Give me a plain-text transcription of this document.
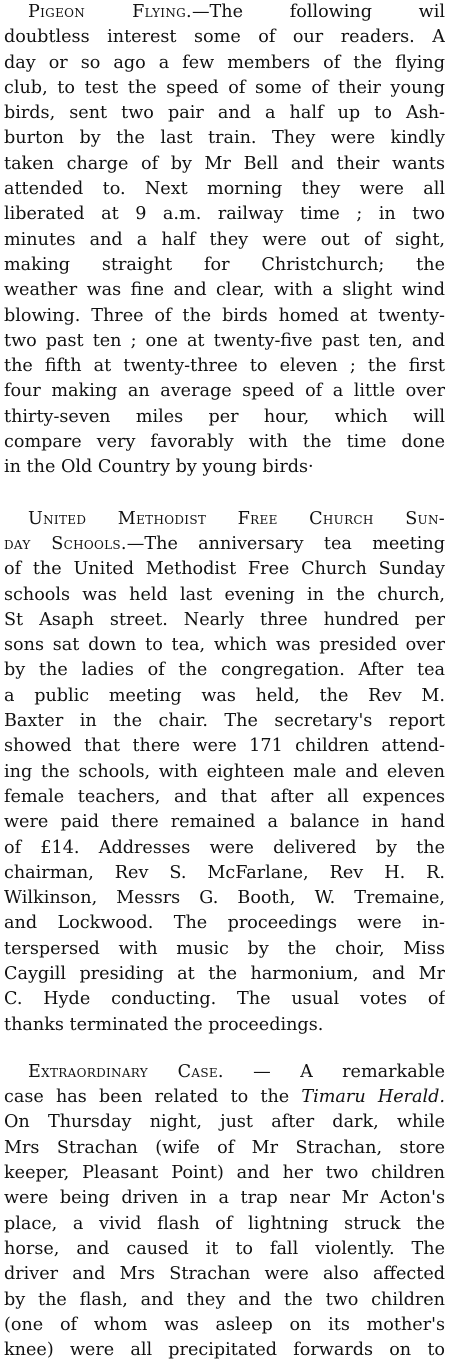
Pigeon Flying.—The following wil
doubtless interest some of our readers. A
day or so ago a few members of the flying
club, to test the speed of some of their young
birds, sent two pair and a half up to Ash-
burton by the last train. They were kindly
taken charge of by Mr Bell and their wants
attended to. Next morning they were all
liberated at 9 a.m. railway time ; in two
minutes and a half they were out of sight,
making straight for Christchurch; the
weather was fine and clear, with a slight wind
blowing. Three of the birds homed at twenty-
two past ten ; one at twenty-five past ten, and
the fifth at twenty-three to eleven ; the first
four making an average speed of a little over
thirty-seven miles per hour, which will
compare very favorably with the time done
in the Old Country by young birds·
United Methodist Free Church Sun-
day Schools.—The anniversary tea meeting
of the United Methodist Free Church Sunday
schools was held last evening in the church,
St Asaph street. Nearly three hundred per
sons sat down to tea, which was presided over
by the ladies of the congregation. After tea
a public meeting was held, the Rev M.
Baxter in the chair. The secretary's report
showed that there were 171 children attend-
ing the schools, with eighteen male and eleven
female teachers, and that after all expences
were paid there remained a balance in hand
of £14. Addresses were delivered by the
chairman, Rev S. McFarlane, Rev H. R.
Wilkinson, Messrs G. Booth, W. Tremaine,
and Lockwood. The proceedings were in-
terspersed with music by the choir, Miss
Caygill presiding at the harmonium, and Mr
C. Hyde conducting. The usual votes of
thanks terminated the proceedings.
Extraordinary Case. — A remarkable
case has been related to the Timaru Herald.
On Thursday night, just after dark, while
Mrs Strachan (wife of Mr Strachan, store
keeper, Pleasant Point) and her two children
were being driven in a trap near Mr Acton's
place, a vivid flash of lightning struck the
horse, and caused it to fall violently. The
driver and Mrs Strachan were also affected
by the flash, and they and the two children
(one of whom was asleep on its mother's
knee) were all precipitated forwards on to
